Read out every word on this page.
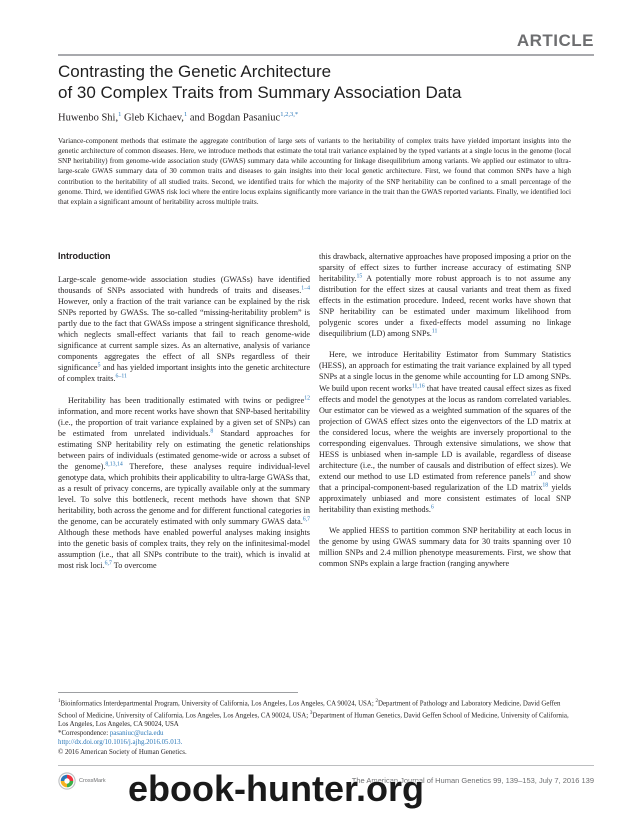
ARTICLE
Contrasting the Genetic Architecture
of 30 Complex Traits from Summary Association Data
Huwenbo Shi,$^1$ Gleb Kichaev,$^1$ and Bogdan Pasaniuc$^{1,2,3,*}$
Variance-component methods that estimate the aggregate contribution of large sets of variants to the heritability of complex traits have yielded important insights into the genetic architecture of common diseases. Here, we introduce methods that estimate the total trait variance explained by the typed variants at a single locus in the genome (local SNP heritability) from genome-wide association study (GWAS) summary data while accounting for linkage disequilibrium among variants. We applied our estimator to ultra-large-scale GWAS summary data of 30 common traits and diseases to gain insights into their local genetic architecture. First, we found that common SNPs have a high contribution to the heritability of all studied traits. Second, we identified traits for which the majority of the SNP heritability can be confined to a small percentage of the genome. Third, we identified GWAS risk loci where the entire locus explains significantly more variance in the trait than the GWAS reported variants. Finally, we identified loci that explain a significant amount of heritability across multiple traits.
Introduction

Large-scale genome-wide association studies (GWASs) have identified thousands of SNPs associated with hundreds of traits and diseases.$^{1-4}$ However, only a fraction of the trait variance can be explained by the risk SNPs reported by GWASs. The so-called “missing-heritability problem” is partly due to the fact that GWASs impose a stringent significance threshold, which neglects small-effect variants that fail to reach genome-wide significance at current sample sizes. As an alternative, analysis of variance components aggregates the effect of all SNPs regardless of their significance$^5$ and has yielded important insights into the genetic architecture of complex traits.$^{6-11}$

Heritability has been traditionally estimated with twins or pedigree$^{12}$ information, and more recent works have shown that SNP-based heritability (i.e., the proportion of trait variance explained by a given set of SNPs) can be estimated from unrelated individuals.$^8$ Standard approaches for estimating SNP heritability rely on estimating the genetic relationships between pairs of individuals (estimated genome-wide or across a subset of the genome).$^{8,13,14}$ Therefore, these analyses require individual-level genotype data, which prohibits their applicability to ultra-large GWASs that, as a result of privacy concerns, are typically available only at the summary level. To solve this bottleneck, recent methods have shown that SNP heritability, both across the genome and for different functional categories in the genome, can be accurately estimated with only summary GWAS data.$^{6,7}$ Although these methods have enabled powerful analyses making insights into the genetic basis of complex traits, they rely on the infinitesimal-model assumption (i.e., that all SNPs contribute to the trait), which is invalid at most risk loci.$^{6,7}$ To overcome

this drawback, alternative approaches have proposed imposing a prior on the sparsity of effect sizes to further increase accuracy of estimating SNP heritability.$^{15}$ A potentially more robust approach is to not assume any distribution for the effect sizes at causal variants and treat them as fixed effects in the estimation procedure. Indeed, recent works have shown that SNP heritability can be estimated under maximum likelihood from polygenic scores under a fixed-effects model assuming no linkage disequilibrium (LD) among SNPs.$^{11}$

Here, we introduce Heritability Estimator from Summary Statistics (HESS), an approach for estimating the trait variance explained by all typed SNPs at a single locus in the genome while accounting for LD among SNPs. We build upon recent works$^{11,16}$ that have treated causal effect sizes as fixed effects and model the genotypes at the locus as random correlated variables. Our estimator can be viewed as a weighted summation of the squares of the projection of GWAS effect sizes onto the eigenvectors of the LD matrix at the considered locus, where the weights are inversely proportional to the corresponding eigenvalues. Through extensive simulations, we show that HESS is unbiased when in-sample LD is available, regardless of disease architecture (i.e., the number of causals and distribution of effect sizes). We extend our method to use LD estimated from reference panels$^{17}$ and show that a principal-component-based regularization of the LD matrix$^{18}$ yields approximately unbiased and more consistent estimates of local SNP heritability than existing methods.$^6$

We applied HESS to partition common SNP heritability at each locus in the genome by using GWAS summary data for 30 traits spanning over 10 million SNPs and 2.4 million phenotype measurements. First, we show that common SNPs explain a large fraction (ranging anywhere

$^1$Bioinformatics Interdepartmental Program, University of California, Los Angeles, Los Angeles, CA 90024, USA; $^2$Department of Pathology and Laboratory Medicine, David Geffen School of Medicine, University of California, Los Angeles, Los Angeles, CA 90024, USA; $^3$Department of Human Genetics, David Geffen School of Medicine, University of California, Los Angeles, Los Angeles, CA 90024, USA
*Correspondence: pasaniuc@ucla.edu
http://dx.doi.org/10.1016/j.ajhg.2016.05.013.
© 2016 American Society of Human Genetics.
CrossMark	The American Journal of Human Genetics 99, 139–153, July 7, 2016 139
ebook-hunter.org
